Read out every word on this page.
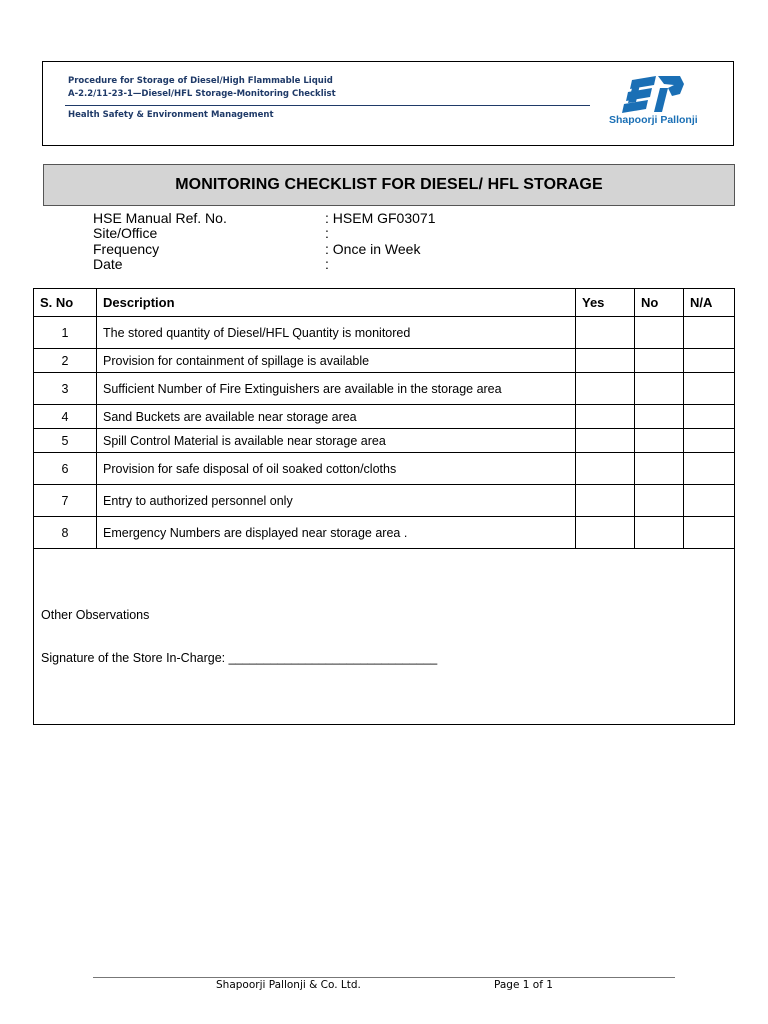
Procedure for Storage of Diesel/High Flammable Liquid
A-2.2/11-23-1—Diesel/HFL Storage-Monitoring Checklist
Health Safety & Environment Management	Shapoorji Pallonji
MONITORING CHECKLIST FOR DIESEL/ HFL STORAGE
HSE Manual Ref. No.	: HSEM GF03071
Site/Office	:
Frequency	: Once in Week
Date	:
S. No	Description	Yes	No	N/A
1	The stored quantity of Diesel/HFL Quantity is monitored			
2	Provision for containment of spillage is available			
3	Sufficient Number of Fire Extinguishers are available in the storage area			
4	Sand Buckets are available near storage area			
5	Spill Control Material is available near storage area			
6	Provision for safe disposal of oil soaked cotton/cloths			
7	Entry to authorized personnel only			
8	Emergency Numbers are displayed near storage area .			
Other Observations
Signature of the Store In-Charge: ______________________________
Shapoorji Pallonji & Co. Ltd.	Page 1 of 1
